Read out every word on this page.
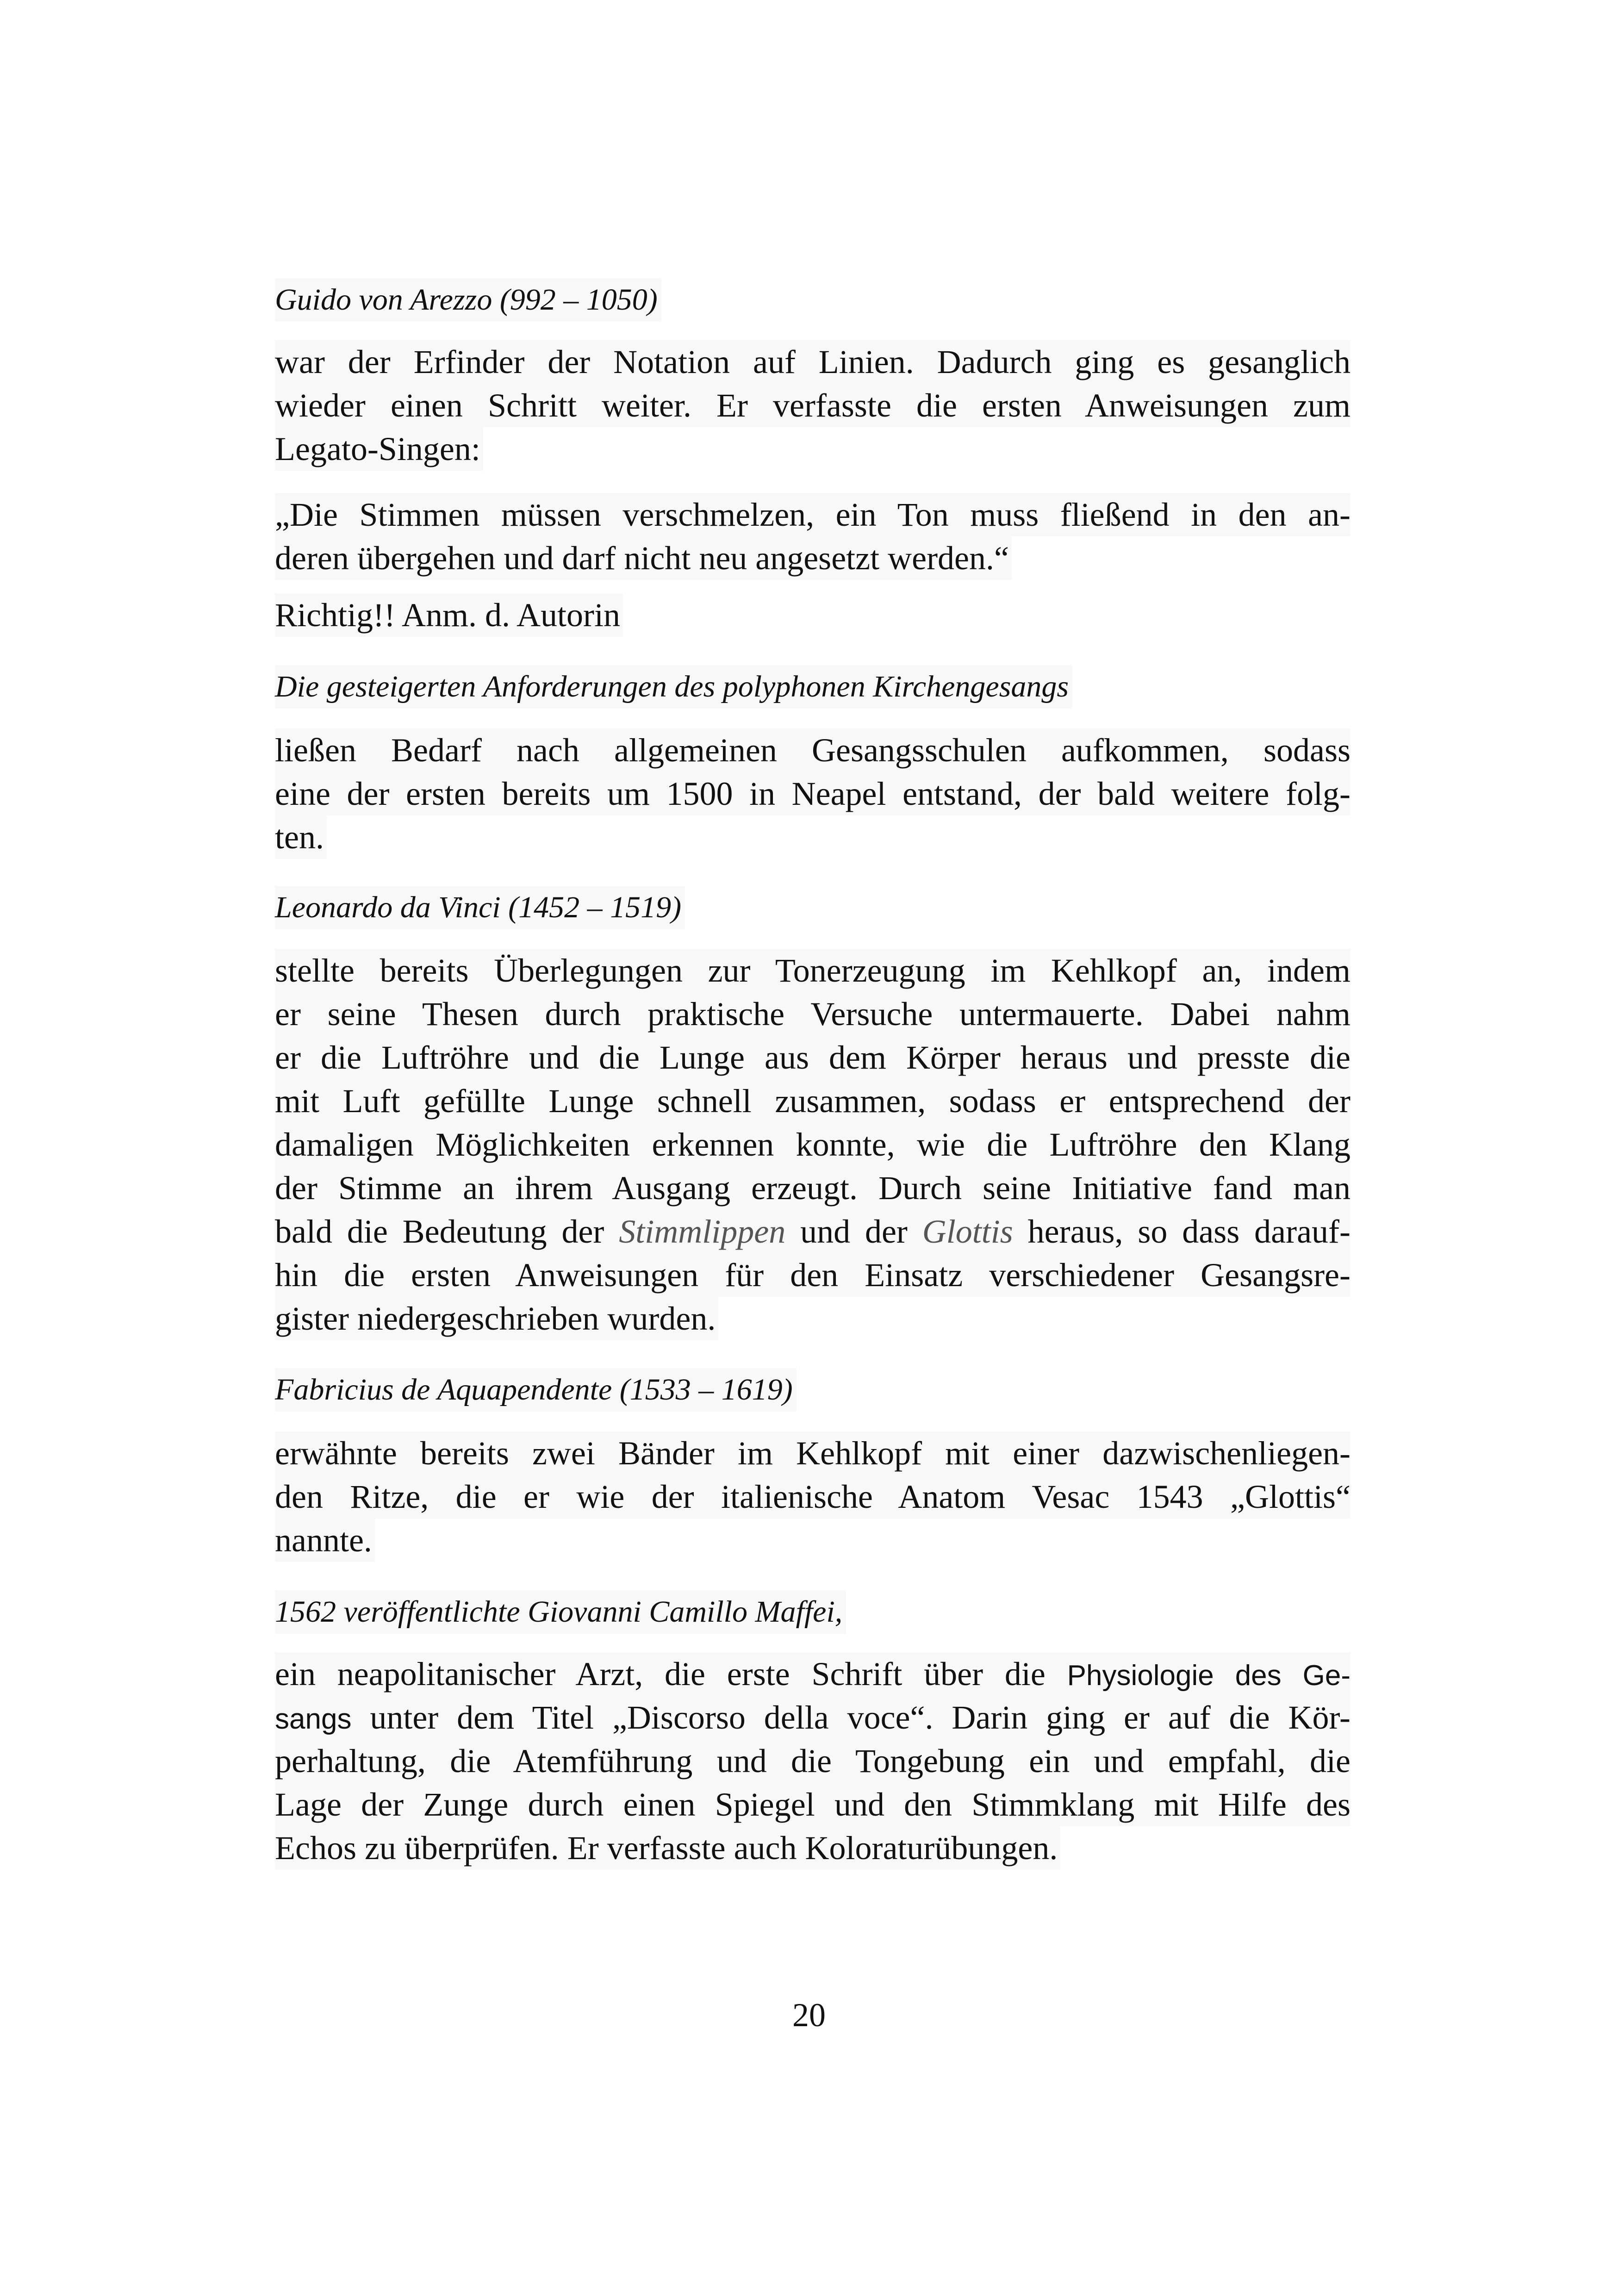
Guido von Arezzo (992 – 1050)
war der Erfinder der Notation auf Linien. Dadurch ging es gesanglich
wieder einen Schritt weiter. Er verfasste die ersten Anweisungen zum
Legato-Singen:
„Die Stimmen müssen verschmelzen, ein Ton muss fließend in den an-
deren übergehen und darf nicht neu angesetzt werden.“
Richtig!! Anm. d. Autorin
Die gesteigerten Anforderungen des polyphonen Kirchengesangs
ließen Bedarf nach allgemeinen Gesangsschulen aufkommen, sodass
eine der ersten bereits um 1500 in Neapel entstand, der bald weitere folg-
ten.
Leonardo da Vinci (1452 – 1519)
stellte bereits Überlegungen zur Tonerzeugung im Kehlkopf an, indem
er seine Thesen durch praktische Versuche untermauerte. Dabei nahm
er die Luftröhre und die Lunge aus dem Körper heraus und presste die
mit Luft gefüllte Lunge schnell zusammen, sodass er entsprechend der
damaligen Möglichkeiten erkennen konnte, wie die Luftröhre den Klang
der Stimme an ihrem Ausgang erzeugt. Durch seine Initiative fand man
bald die Bedeutung der Stimmlippen und der Glottis heraus, so dass darauf-
hin die ersten Anweisungen für den Einsatz verschiedener Gesangsre-
gister niedergeschrieben wurden.
Fabricius de Aquapendente (1533 – 1619)
erwähnte bereits zwei Bänder im Kehlkopf mit einer dazwischenliegen-
den Ritze, die er wie der italienische Anatom Vesac 1543 „Glottis“
nannte.
1562 veröffentlichte Giovanni Camillo Maffei,
ein neapolitanischer Arzt, die erste Schrift über die Physiologie des Ge-
sangs unter dem Titel „Discorso della voce“. Darin ging er auf die Kör-
perhaltung, die Atemführung und die Tongebung ein und empfahl, die
Lage der Zunge durch einen Spiegel und den Stimmklang mit Hilfe des
Echos zu überprüfen. Er verfasste auch Koloraturübungen.
20
